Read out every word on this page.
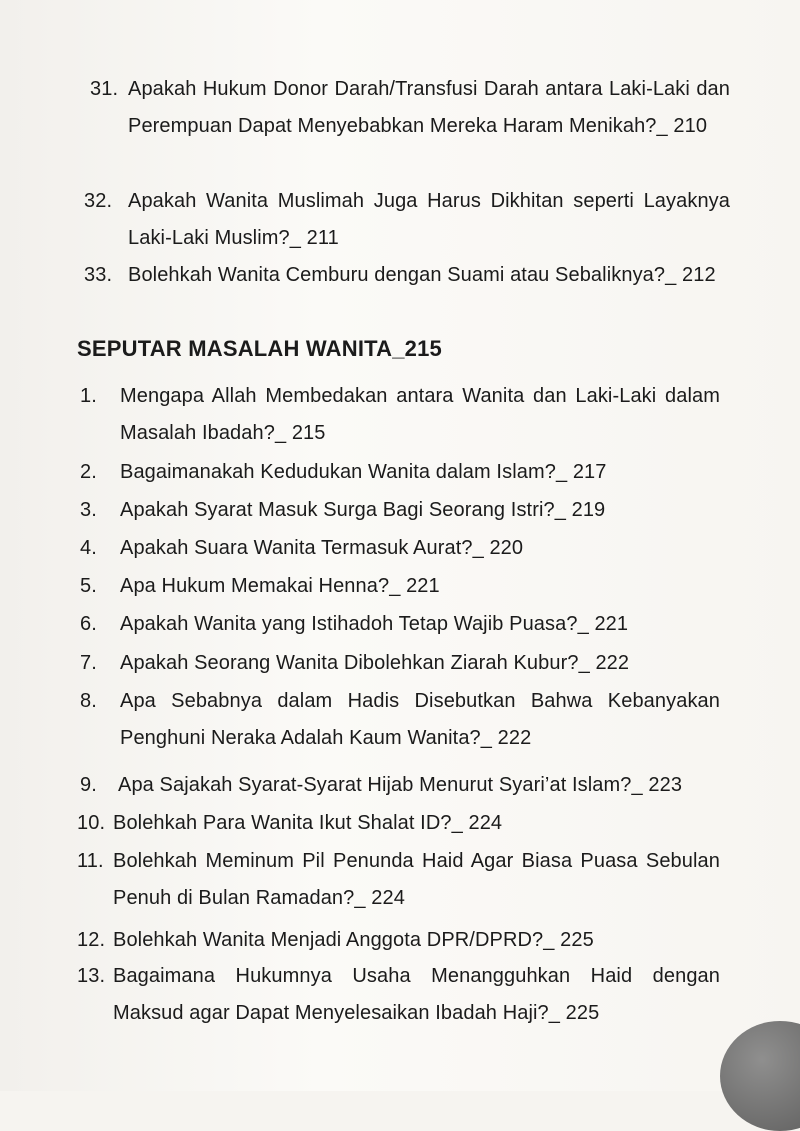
31. Apakah Hukum Donor Darah/Transfusi Darah antara Laki-Laki dan Perempuan Dapat Menyebabkan Mereka Haram Menikah?_ 210
32. Apakah Wanita Muslimah Juga Harus Dikhitan seperti Layaknya Laki-Laki Muslim?_ 211
33. Bolehkah Wanita Cemburu dengan Suami atau Sebaliknya?_ 212
SEPUTAR MASALAH WANITA_215
1. Mengapa Allah Membedakan antara Wanita dan Laki-Laki dalam Masalah Ibadah?_ 215
2. Bagaimanakah Kedudukan Wanita dalam Islam?_ 217
3. Apakah Syarat Masuk Surga Bagi Seorang Istri?_ 219
4. Apakah Suara Wanita Termasuk Aurat?_ 220
5. Apa Hukum Memakai Henna?_ 221
6. Apakah Wanita yang Istihadoh Tetap Wajib Puasa?_ 221
7. Apakah Seorang Wanita Dibolehkan Ziarah Kubur?_ 222
8. Apa Sebabnya dalam Hadis Disebutkan Bahwa Kebanyakan Penghuni Neraka Adalah Kaum Wanita?_ 222
9. Apa Sajakah Syarat-Syarat Hijab Menurut Syari’at Islam?_ 223
10. Bolehkah Para Wanita Ikut Shalat ID?_ 224
11. Bolehkah Meminum Pil Penunda Haid Agar Biasa Puasa Sebulan Penuh di Bulan Ramadan?_ 224
12. Bolehkah Wanita Menjadi Anggota DPR/DPRD?_ 225
13. Bagaimana Hukumnya Usaha Menangguhkan Haid dengan Maksud agar Dapat Menyelesaikan Ibadah Haji?_ 225
